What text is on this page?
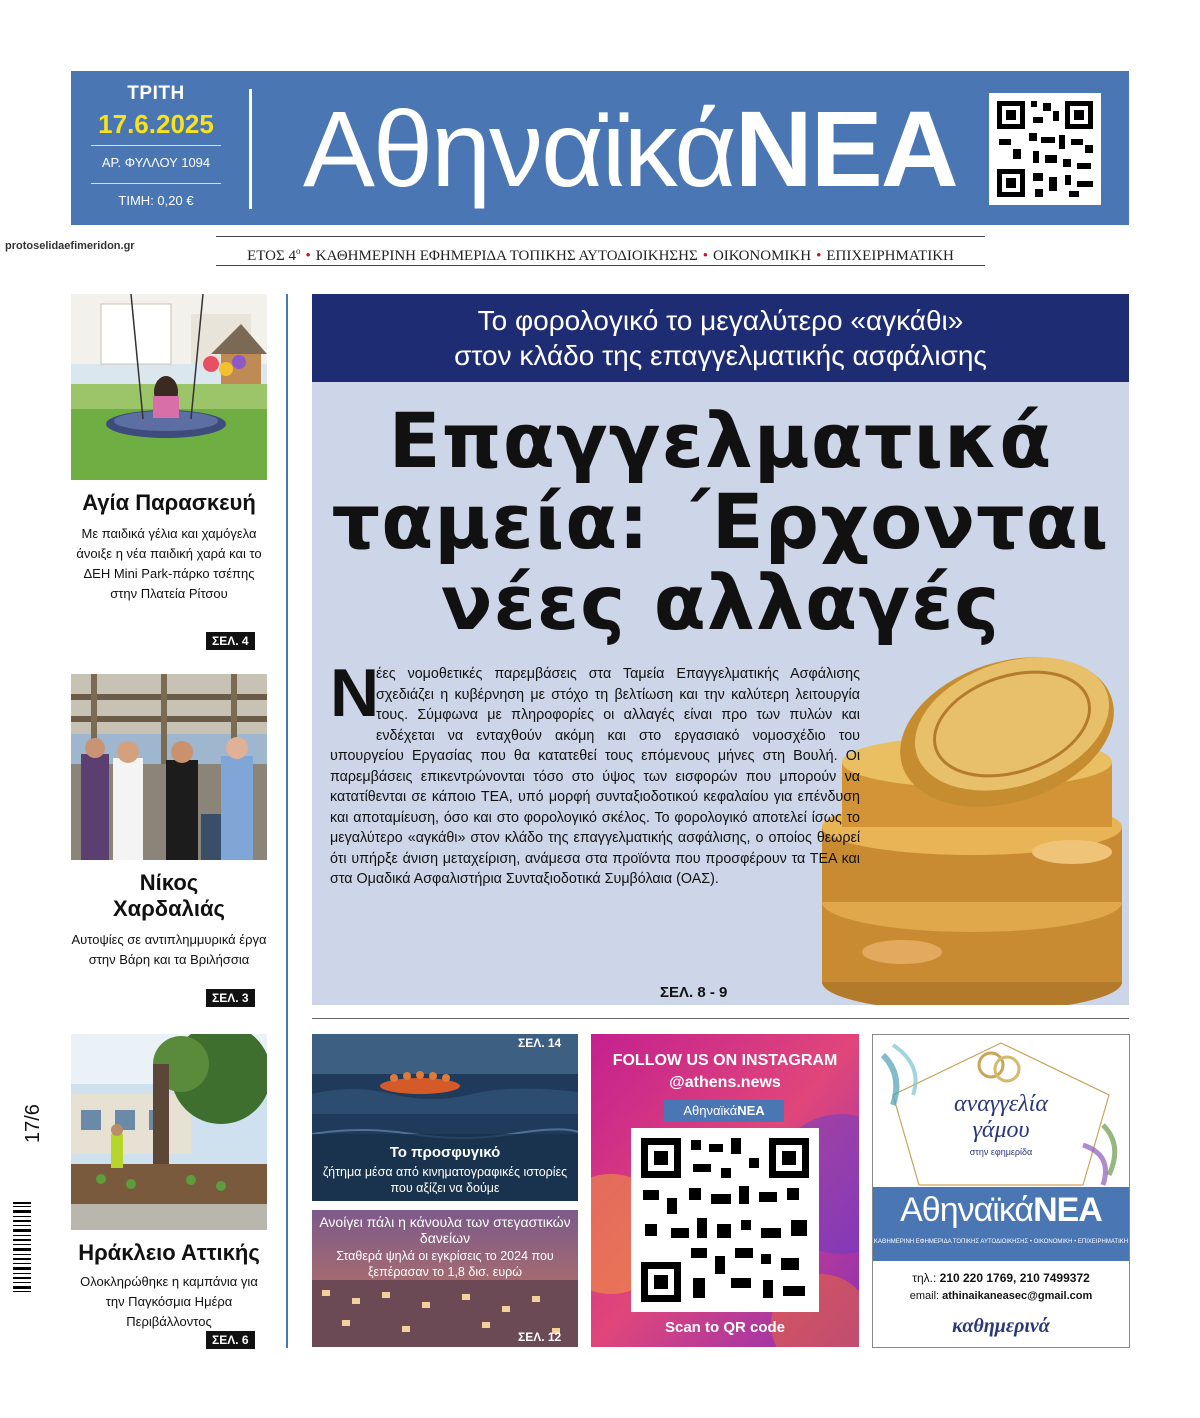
ΤΡΙΤΗ
17.6.2025
ΑΡ. ΦΥΛΛΟΥ 1094
ΤΙΜΗ: 0,20 €	ΑθηναϊκάΝΕΑ
protoselidaefimeridon.gr
ΕΤΟΣ $4^o$ • ΚΑΘΗΜΕΡΙΝΗ ΕΦΗΜΕΡΙΔΑ ΤΟΠΙΚΗΣ ΑΥΤΟΔΙΟΙΚΗΣΗΣ • ΟΙΚΟΝΟΜΙΚΗ • ΕΠΙΧΕΙΡΗΜΑΤΙΚΗ
Αγία Παρασκευή
Με παιδικά γέλια και χαμόγελα άνοιξε η νέα παιδική χαρά και το ΔΕΗ Mini Park-πάρκο τσέπης στην Πλατεία Ρίτσου
ΣΕΛ. 4
Νίκος
Χαρδαλιάς
Αυτοψίες σε αντιπλημμυρικά έργα στην Βάρη και τα Βριλήσσια
ΣΕΛ. 3
Ηράκλειο Αττικής
Ολοκληρώθηκε η καμπάνια για την Παγκόσμια Ημέρα Περιβάλλοντος
ΣΕΛ. 6
17/6
Το φορολογικό το μεγαλύτερο «αγκάθι»
στον κλάδο της επαγγελματικής ασφάλισης
Επαγγελματικά
ταμεία: ΄Ερχονται
νέες αλλαγές
έες νομοθετικές παρεμβάσεις στα Ταμεία Επαγγελματικής Ασφάλισης σχεδιάζει η κυβέρνηση με στόχο τη βελτίωση και την καλύτερη λειτουργία τους. Σύμφωνα με πληροφορίες οι αλλαγές είναι προ των πυλών και ενδέχεται να ενταχθούν ακόμη και στο εργασιακό νομοσχέδιο του υπουργείου Εργασίας που θα κατατεθεί τους επόμενους μήνες στη Βουλή. Οι παρεμβάσεις επικεντρώνονται τόσο στο ύψος των εισφορών που μπορούν να κατατίθενται σε κάποιο ΤΕΑ, υπό μορφή συνταξιοδοτικού κεφαλαίου για επένδυση και αποταμίευση, όσο και στο φορολογικό σκέλος. Το φορολογικό αποτελεί ίσως το μεγαλύτερο «αγκάθι» στον κλάδο της επαγγελματικής ασφάλισης, ο οποίος θεωρεί ότι υπήρξε άνιση μεταχείριση, ανάμεσα στα προϊόντα που προσφέρουν τα ΤΕΑ και στα Ομαδικά Ασφαλιστήρια Συνταξιοδοτικά Συμβόλαια (ΟΑΣ).
Ν
ΣΕΛ. 8 - 9
ΣΕΛ. 14
Το προσφυγικό
ζήτημα μέσα από κινηματογραφικές ιστορίες που αξίζει να δούμε
Ανοίγει πάλι η κάνουλα των στεγαστικών δανείων
Σταθερά ψηλά οι εγκρίσεις το 2024 που ξεπέρασαν το 1,8 δισ. ευρώ
ΣΕΛ. 12
FOLLOW US ON INSTAGRAM
@athens.news
ΑθηναϊκάΝΕΑ
Scan to QR code
αναγγελία
γάμου
στην εφημερίδα
ΑθηναϊκάΝΕΑ
ΚΑΘΗΜΕΡΙΝΗ ΕΦΗΜΕΡΙΔΑ ΤΟΠΙΚΗΣ ΑΥΤΟΔΙΟΙΚΗΣΗΣ • ΟΙΚΟΝΟΜΙΚΗ • ΕΠΙΧΕΙΡΗΜΑΤΙΚΗ
τηλ.: 210 220 1769, 210 7499372
email: athinaikaneasec@gmail.com
καθημερινά
